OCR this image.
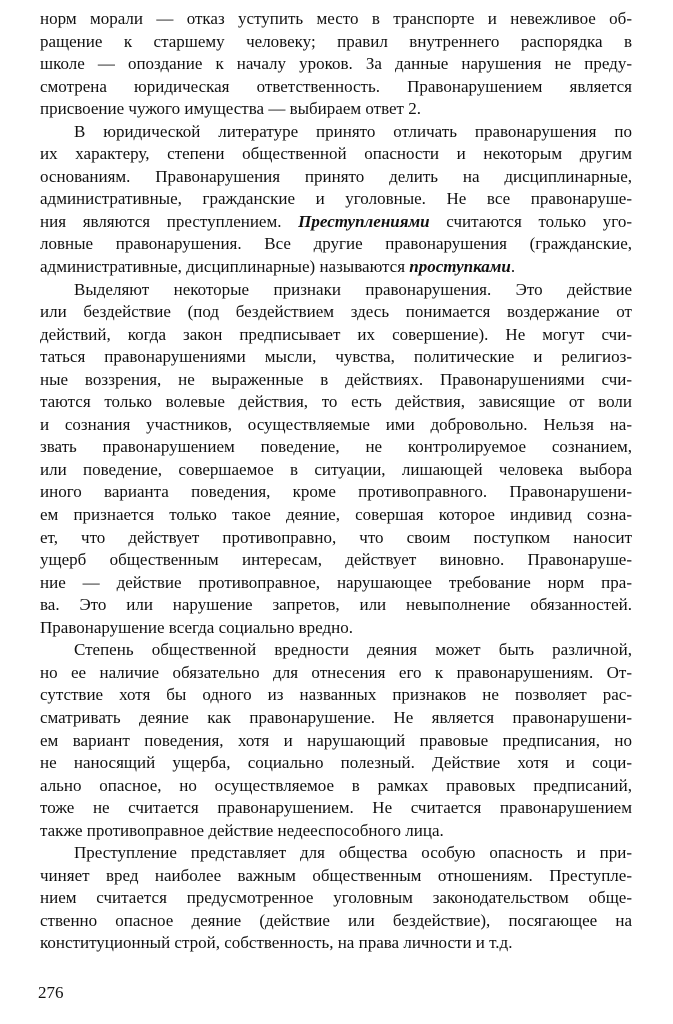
норм морали — отказ уступить место в транспорте и невежливое об-
ращение к старшему человеку; правил внутреннего распорядка в
школе — опоздание к началу уроков. За данные нарушения не преду-
смотрена юридическая ответственность. Правонарушением является
присвоение чужого имущества — выбираем ответ 2.
В юридической литературе принято отличать правонарушения по
их характеру, степени общественной опасности и некоторым другим
основаниям. Правонарушения принято делить на дисциплинарные,
административные, гражданские и уголовные. Не все правонаруше-
ния являются преступлением. Преступлениями считаются только уго-
ловные правонарушения. Все другие правонарушения (гражданские,
административные, дисциплинарные) называются проступками.
Выделяют некоторые признаки правонарушения. Это действие
или бездействие (под бездействием здесь понимается воздержание от
действий, когда закон предписывает их совершение). Не могут счи-
таться правонарушениями мысли, чувства, политические и религиоз-
ные воззрения, не выраженные в действиях. Правонарушениями счи-
таются только волевые действия, то есть действия, зависящие от воли
и сознания участников, осуществляемые ими добровольно. Нельзя на-
звать правонарушением поведение, не контролируемое сознанием,
или поведение, совершаемое в ситуации, лишающей человека выбора
иного варианта поведения, кроме противоправного. Правонарушени-
ем признается только такое деяние, совершая которое индивид созна-
ет, что действует противоправно, что своим поступком наносит
ущерб общественным интересам, действует виновно. Правонаруше-
ние — действие противоправное, нарушающее требование норм пра-
ва. Это или нарушение запретов, или невыполнение обязанностей.
Правонарушение всегда социально вредно.
Степень общественной вредности деяния может быть различной,
но ее наличие обязательно для отнесения его к правонарушениям. От-
сутствие хотя бы одного из названных признаков не позволяет рас-
сматривать деяние как правонарушение. Не является правонарушени-
ем вариант поведения, хотя и нарушающий правовые предписания, но
не наносящий ущерба, социально полезный. Действие хотя и соци-
ально опасное, но осуществляемое в рамках правовых предписаний,
тоже не считается правонарушением. Не считается правонарушением
также противоправное действие недееспособного лица.
Преступление представляет для общества особую опасность и при-
чиняет вред наиболее важным общественным отношениям. Преступле-
нием считается предусмотренное уголовным законодательством обще-
ственно опасное деяние (действие или бездействие), посягающее на
конституционный строй, собственность, на права личности и т.д.
276
